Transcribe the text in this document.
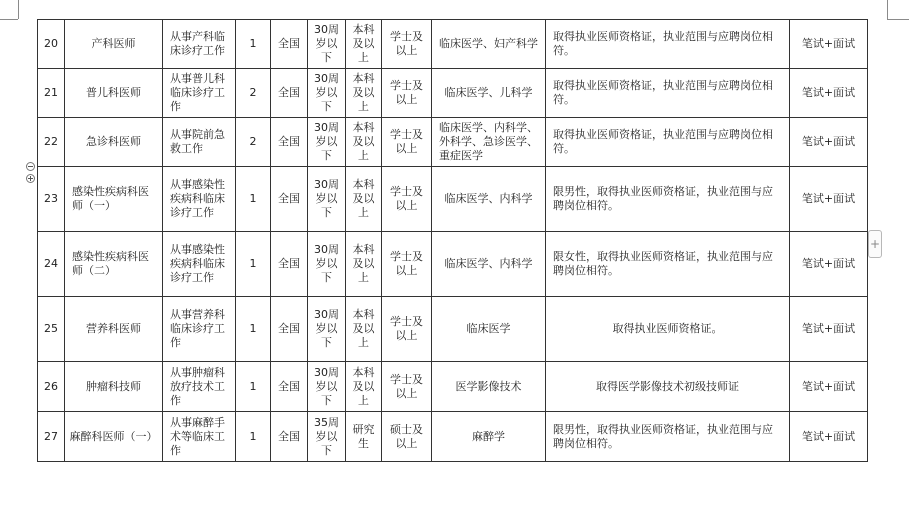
+
20	产科医师	从事产科临床诊疗工作	1	全国	30周岁以下	本科及以上	学士及以上	临床医学、妇产科学	取得执业医师资格证，执业范围与应聘岗位相符。	笔试+面试
21	普儿科医师	从事普儿科临床诊疗工作	2	全国	30周岁以下	本科及以上	学士及以上	临床医学、儿科学	取得执业医师资格证，执业范围与应聘岗位相符。	笔试+面试
22	急诊科医师	从事院前急救工作	2	全国	30周岁以下	本科及以上	学士及以上	临床医学、内科学、外科学、急诊医学、重症医学	取得执业医师资格证，执业范围与应聘岗位相符。	笔试+面试
23	感染性疾病科医师（一）	从事感染性疾病科临床诊疗工作	1	全国	30周岁以下	本科及以上	学士及以上	临床医学、内科学	限男性，取得执业医师资格证，执业范围与应聘岗位相符。	笔试+面试
24	感染性疾病科医师（二）	从事感染性疾病科临床诊疗工作	1	全国	30周岁以下	本科及以上	学士及以上	临床医学、内科学	限女性，取得执业医师资格证，执业范围与应聘岗位相符。	笔试+面试
25	营养科医师	从事营养科临床诊疗工作	1	全国	30周岁以下	本科及以上	学士及以上	临床医学	取得执业医师资格证。	笔试+面试
26	肿瘤科技师	从事肿瘤科放疗技术工作	1	全国	30周岁以下	本科及以上	学士及以上	医学影像技术	取得医学影像技术初级技师证	笔试+面试
27	麻醉科医师（一）	从事麻醉手术等临床工作	1	全国	35周岁以下	研究生	硕士及以上	麻醉学	限男性，取得执业医师资格证，执业范围与应聘岗位相符。	笔试+面试
